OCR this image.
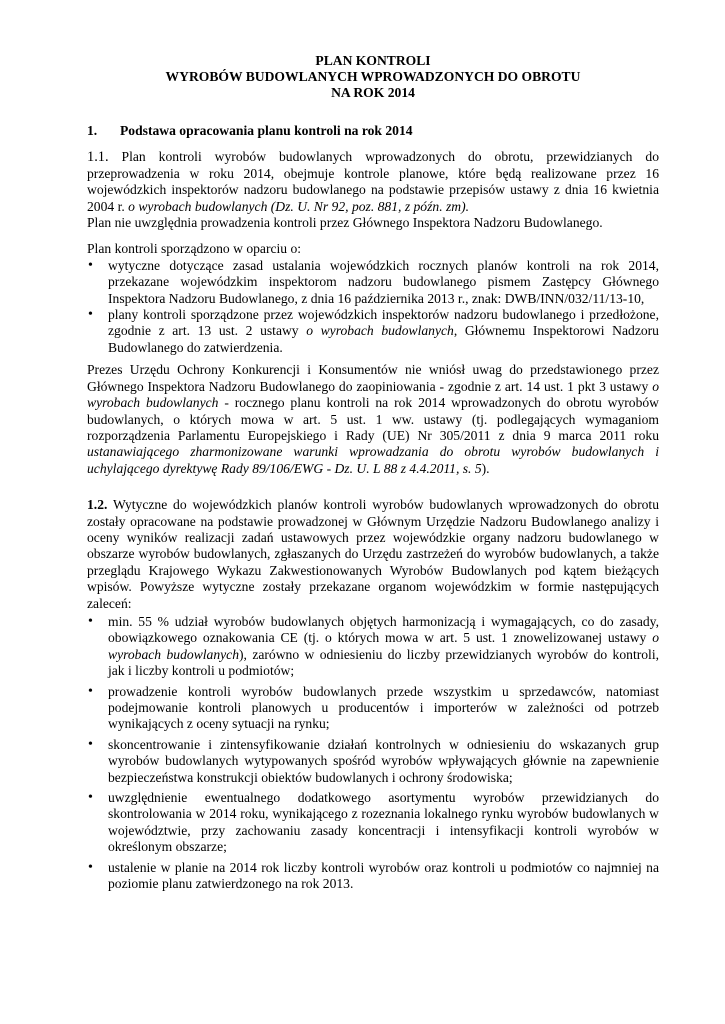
PLAN KONTROLI
WYROBÓW BUDOWLANYCH WPROWADZONYCH DO OBROTU
NA ROK 2014
1.	Podstawa opracowania planu kontroli na rok 2014

1.1. Plan kontroli wyrobów budowlanych wprowadzonych do obrotu, przewidzianych do przeprowadzenia w roku 2014, obejmuje kontrole planowe, które będą realizowane przez 16 wojewódzkich inspektorów nadzoru budowlanego na podstawie przepisów ustawy z dnia 16 kwietnia 2004 r. o wyrobach budowlanych (Dz. U. Nr 92, poz. 881, z późn. zm).

Plan nie uwzględnia prowadzenia kontroli przez Głównego Inspektora Nadzoru Budowlanego.

Plan kontroli sporządzono w oparciu o:

• wytyczne dotyczące zasad ustalania wojewódzkich rocznych planów kontroli na rok 2014, przekazane wojewódzkim inspektorom nadzoru budowlanego pismem Zastępcy Głównego Inspektora Nadzoru Budowlanego, z dnia 16 października 2013 r., znak: DWB/INN/032/11/13-10,
• plany kontroli sporządzone przez wojewódzkich inspektorów nadzoru budowlanego i przedłożone, zgodnie z art. 13 ust. 2 ustawy o wyrobach budowlanych, Głównemu Inspektorowi Nadzoru Budowlanego do zatwierdzenia.

Prezes Urzędu Ochrony Konkurencji i Konsumentów nie wniósł uwag do przedstawionego przez Głównego Inspektora Nadzoru Budowlanego do zaopiniowania - zgodnie z art. 14 ust. 1 pkt 3 ustawy o wyrobach budowlanych - rocznego planu kontroli na rok 2014 wprowadzonych do obrotu wyrobów budowlanych, o których mowa w art. 5 ust. 1 ww. ustawy (tj. podlegających wymaganiom rozporządzenia Parlamentu Europejskiego i Rady (UE) Nr 305/2011 z dnia 9 marca 2011 roku ustanawiającego zharmonizowane warunki wprowadzania do obrotu wyrobów budowlanych i uchylającego dyrektywę Rady 89/106/EWG - Dz. U. L 88 z 4.4.2011, s. 5).

1.2. Wytyczne do wojewódzkich planów kontroli wyrobów budowlanych wprowadzonych do obrotu zostały opracowane na podstawie prowadzonej w Głównym Urzędzie Nadzoru Budowlanego analizy i oceny wyników realizacji zadań ustawowych przez wojewódzkie organy nadzoru budowlanego w obszarze wyrobów budowlanych, zgłaszanych do Urzędu zastrzeżeń do wyrobów budowlanych, a także przeglądu Krajowego Wykazu Zakwestionowanych Wyrobów Budowlanych pod kątem bieżących wpisów. Powyższe wytyczne zostały przekazane organom wojewódzkim w formie następujących zaleceń:

• min. 55 % udział wyrobów budowlanych objętych harmonizacją i wymagających, co do zasady, obowiązkowego oznakowania CE (tj. o których mowa w art. 5 ust. 1 znowelizowanej ustawy o wyrobach budowlanych), zarówno w odniesieniu do liczby przewidzianych wyrobów do kontroli, jak i liczby kontroli u podmiotów;
• prowadzenie kontroli wyrobów budowlanych przede wszystkim u sprzedawców, natomiast podejmowanie kontroli planowych u producentów i importerów w zależności od potrzeb wynikających z oceny sytuacji na rynku;
• skoncentrowanie i zintensyfikowanie działań kontrolnych w odniesieniu do wskazanych grup wyrobów budowlanych wytypowanych spośród wyrobów wpływających głównie na zapewnienie bezpieczeństwa konstrukcji obiektów budowlanych i ochrony środowiska;
• uwzględnienie ewentualnego dodatkowego asortymentu wyrobów przewidzianych do skontrolowania w 2014 roku, wynikającego z rozeznania lokalnego rynku wyrobów budowlanych w województwie, przy zachowaniu zasady koncentracji i intensyfikacji kontroli wyrobów w określonym obszarze;
• ustalenie w planie na 2014 rok liczby kontroli wyrobów oraz kontroli u podmiotów co najmniej na poziomie planu zatwierdzonego na rok 2013.
